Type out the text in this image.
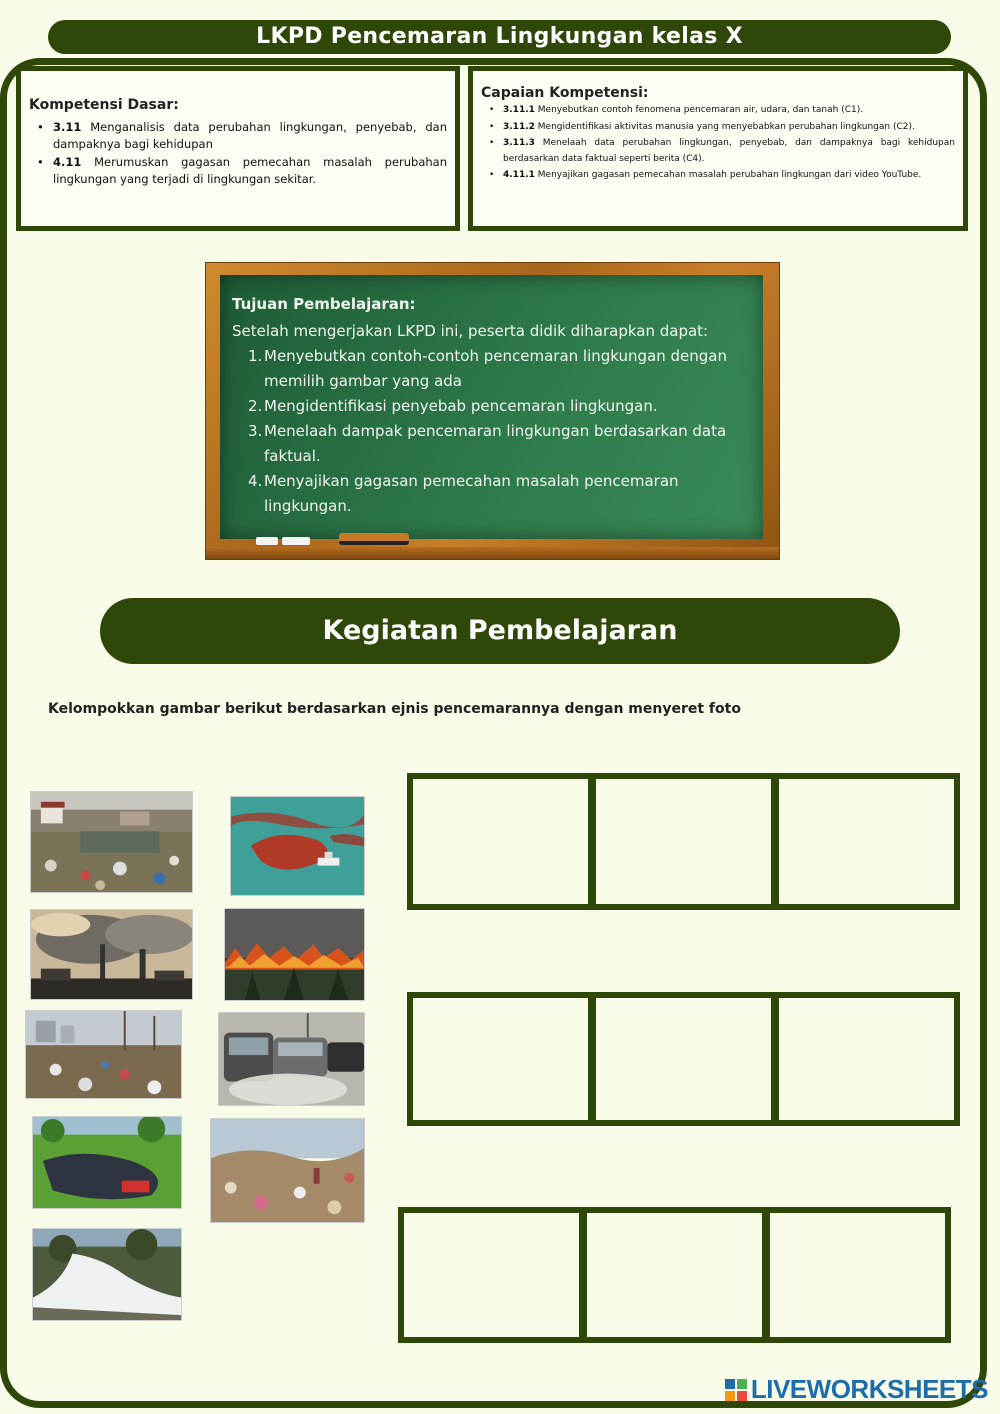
LKPD Pencemaran Lingkungan kelas X
Kompetensi Dasar:
• 3.11 Menganalisis data perubahan lingkungan, penyebab, dan dampaknya bagi kehidupan
• 4.11 Merumuskan gagasan pemecahan masalah perubahan lingkungan yang terjadi di lingkungan sekitar.
Capaian Kompetensi:
• 3.11.1 Menyebutkan contoh fenomena pencemaran air, udara, dan tanah (C1).
• 3.11.2 Mengidentifikasi aktivitas manusia yang menyebabkan perubahan lingkungan (C2).
• 3.11.3 Menelaah data perubahan lingkungan, penyebab, dan dampaknya bagi kehidupan berdasarkan data faktual seperti berita (C4).
• 4.11.1 Menyajikan gagasan pemecahan masalah perubahan lingkungan dari video YouTube.
Tujuan Pembelajaran:
Setelah mengerjakan LKPD ini, peserta didik diharapkan dapat:
1. Menyebutkan contoh-contoh pencemaran lingkungan dengan memilih gambar yang ada
2. Mengidentifikasi penyebab pencemaran lingkungan.
3. Menelaah dampak pencemaran lingkungan berdasarkan data faktual.
4. Menyajikan gagasan pemecahan masalah pencemaran lingkungan.
Kegiatan Pembelajaran
Kelompokkan gambar berikut berdasarkan ejnis pencemarannya dengan menyeret foto
LIVEWORKSHEETS
